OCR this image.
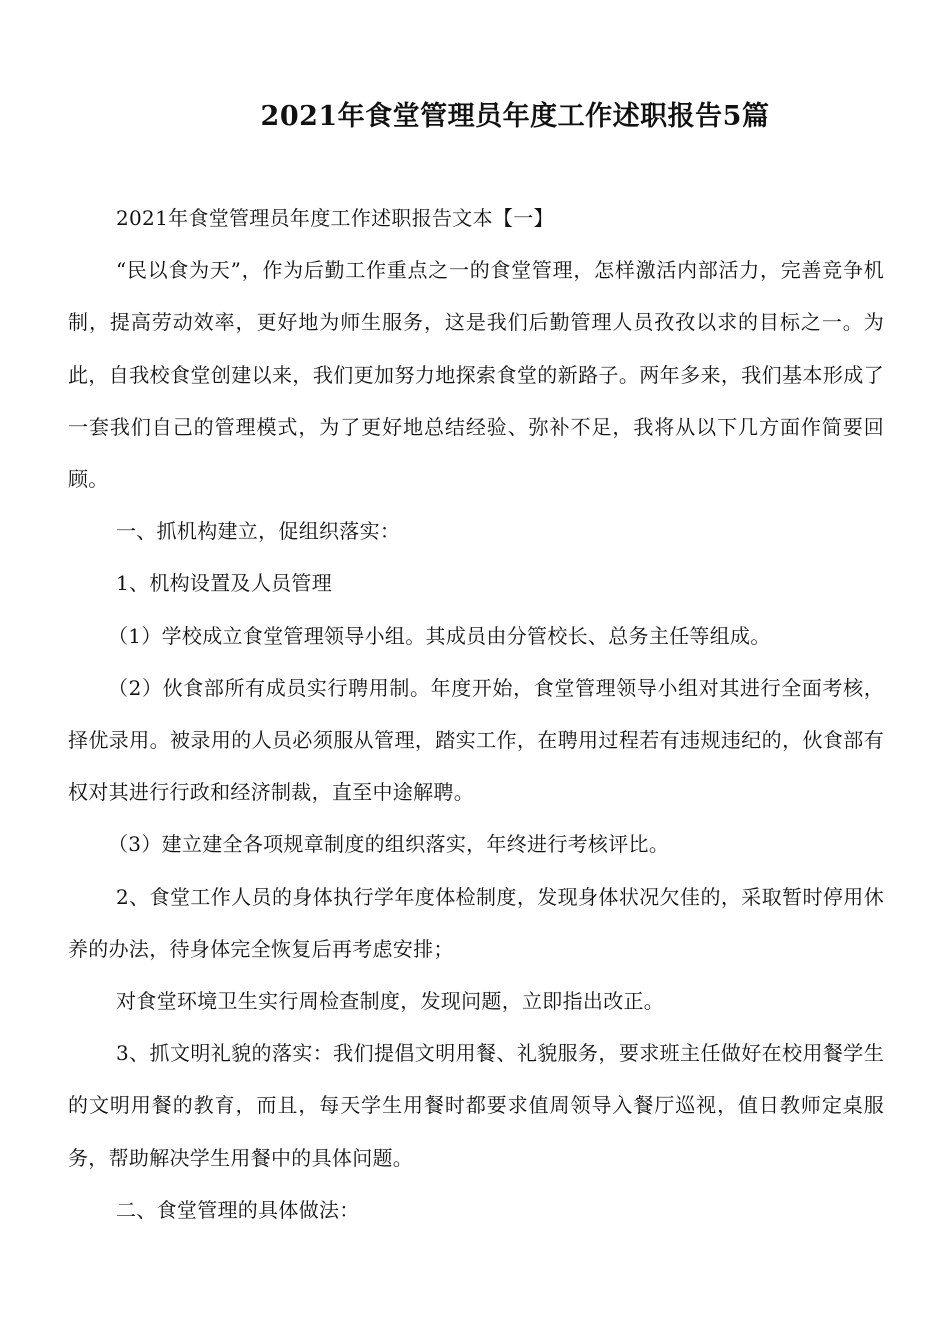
2021年食堂管理员年度工作述职报告5篇

2021年食堂管理员年度工作述职报告文本【一】

“民以食为天”，作为后勤工作重点之一的食堂管理，怎样激活内部活力，完善竞争机制，提高劳动效率，更好地为师生服务，这是我们后勤管理人员孜孜以求的目标之一。为此，自我校食堂创建以来，我们更加努力地探索食堂的新路子。两年多来，我们基本形成了一套我们自己的管理模式，为了更好地总结经验、弥补不足，我将从以下几方面作简要回顾。

一、抓机构建立，促组织落实：

1、机构设置及人员管理

（1）学校成立食堂管理领导小组。其成员由分管校长、总务主任等组成。

（2）伙食部所有成员实行聘用制。年度开始，食堂管理领导小组对其进行全面考核，择优录用。被录用的人员必须服从管理，踏实工作，在聘用过程若有违规违纪的，伙食部有权对其进行行政和经济制裁，直至中途解聘。

（3）建立建全各项规章制度的组织落实，年终进行考核评比。

2、食堂工作人员的身体执行学年度体检制度，发现身体状况欠佳的，采取暂时停用休养的办法，待身体完全恢复后再考虑安排；

对食堂环境卫生实行周检查制度，发现问题，立即指出改正。

3、抓文明礼貌的落实：我们提倡文明用餐、礼貌服务，要求班主任做好在校用餐学生的文明用餐的教育，而且，每天学生用餐时都要求值周领导入餐厅巡视，值日教师定桌服务，帮助解决学生用餐中的具体问题。

二、食堂管理的具体做法：
